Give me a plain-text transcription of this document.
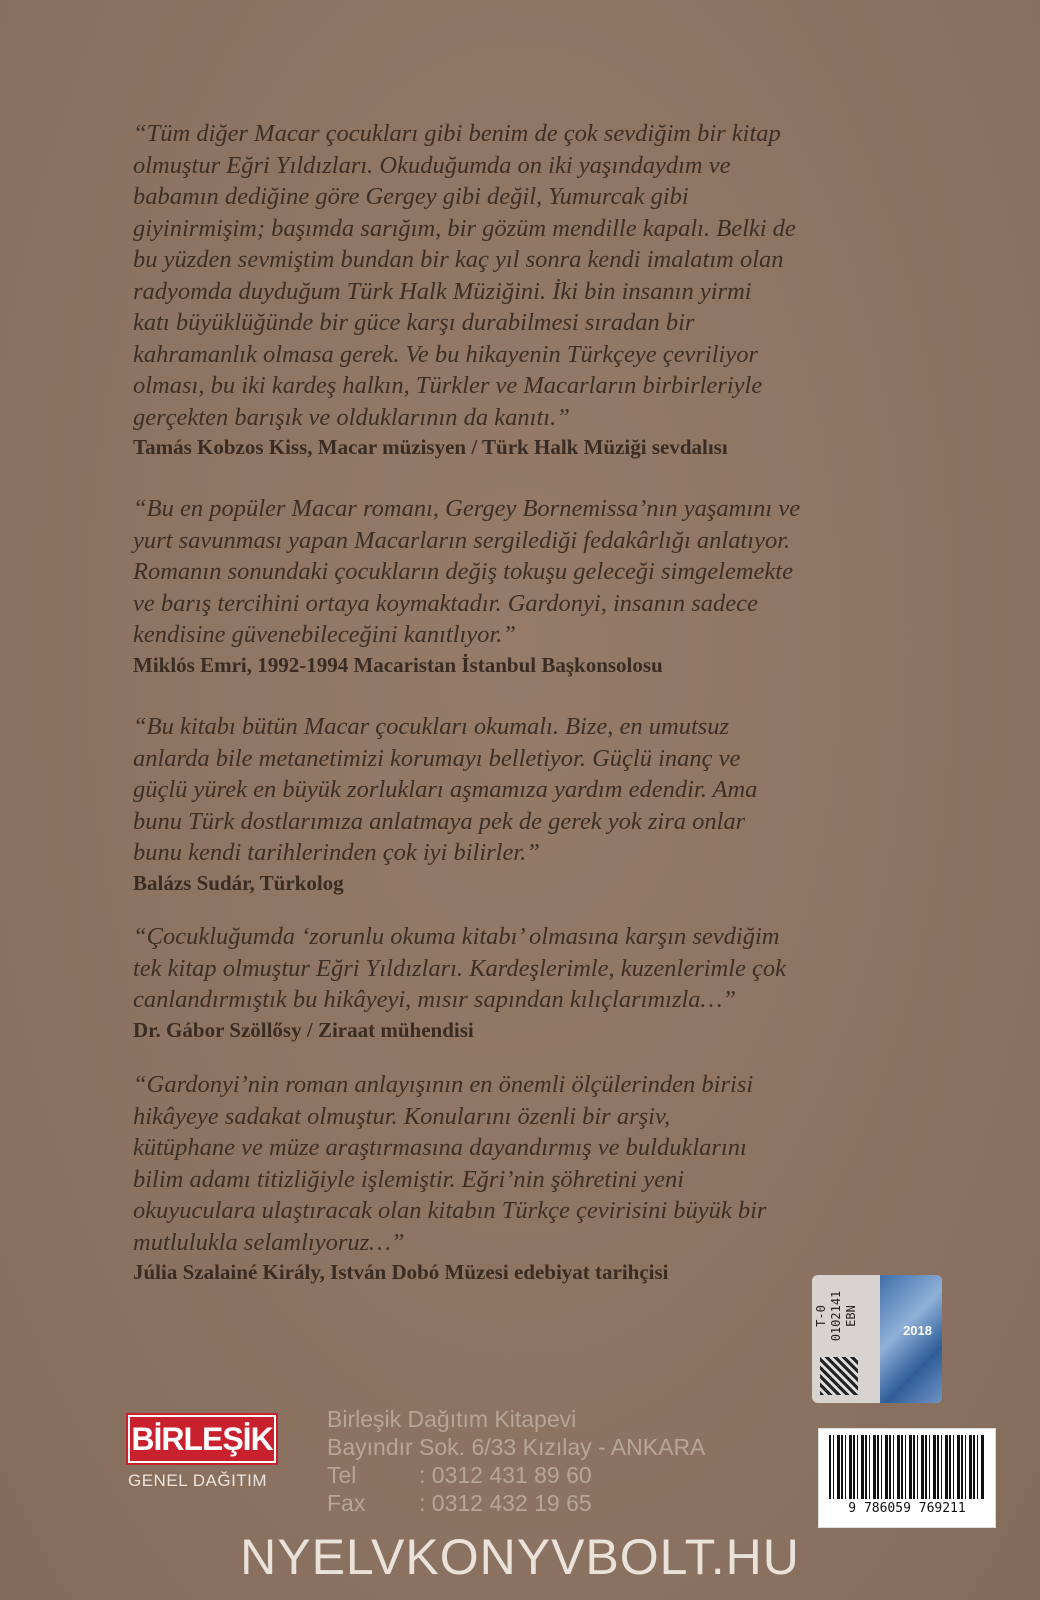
“Tüm diğer Macar çocukları gibi benim de çok sevdiğim bir kitap
olmuştur Eğri Yıldızları. Okuduğumda on iki yaşındaydım ve
babamın dediğine göre Gergey gibi değil, Yumurcak gibi
giyinirmişim; başımda sarığım, bir gözüm mendille kapalı. Belki de
bu yüzden sevmiştim bundan bir kaç yıl sonra kendi imalatım olan
radyomda duyduğum Türk Halk Müziğini. İki bin insanın yirmi
katı büyüklüğünde bir güce karşı durabilmesi sıradan bir
kahramanlık olmasa gerek. Ve bu hikayenin Türkçeye çevriliyor
olması, bu iki kardeş halkın, Türkler ve Macarların birbirleriyle
gerçekten barışık ve olduklarının da kanıtı.”

Tamás Kobzos Kiss, Macar müzisyen / Türk Halk Müziği sevdalısı

“Bu en popüler Macar romanı, Gergey Bornemissa’nın yaşamını ve
yurt savunması yapan Macarların sergilediği fedakârlığı anlatıyor.
Romanın sonundaki çocukların değiş tokuşu geleceği simgelemekte
ve barış tercihini ortaya koymaktadır. Gardonyi, insanın sadece
kendisine güvenebileceğini kanıtlıyor.”

Miklós Emri, 1992-1994 Macaristan İstanbul Başkonsolosu

“Bu kitabı bütün Macar çocukları okumalı. Bize, en umutsuz
anlarda bile metanetimizi korumayı belletiyor. Güçlü inanç ve
güçlü yürek en büyük zorlukları aşmamıza yardım edendir. Ama
bunu Türk dostlarımıza anlatmaya pek de gerek yok zira onlar
bunu kendi tarihlerinden çok iyi bilirler.”

Balázs Sudár, Türkolog

“Çocukluğumda ‘zorunlu okuma kitabı’ olmasına karşın sevdiğim
tek kitap olmuştur Eğri Yıldızları. Kardeşlerimle, kuzenlerimle çok
canlandırmıştık bu hikâyeyi, mısır sapından kılıçlarımızla…”

Dr. Gábor Szöllősy / Ziraat mühendisi

“Gardonyi’nin roman anlayışının en önemli ölçülerinden birisi
hikâyeye sadakat olmuştur. Konularını özenli bir arşiv,
kütüphane ve müze araştırmasına dayandırmış ve bulduklarını
bilim adamı titizliğiyle işlemiştir. Eğri’nin şöhretini yeni
okuyuculara ulaştıracak olan kitabın Türkçe çevirisini büyük bir
mutlulukla selamlıyoruz…”

Júlia Szalainé Király, István Dobó Müzesi edebiyat tarihçisi

2018
T-0 0102141 EBN
BİRLEŞİK
GENEL DAĞITIM
Birleşik Dağıtım Kitapevi
Bayındır Sok. 6/33 Kızılay - ANKARA
Tel	: 0312 431 89 60
Fax	: 0312 432 19 65	9 786059 769211
NYELVKONYVBOLT.HU
